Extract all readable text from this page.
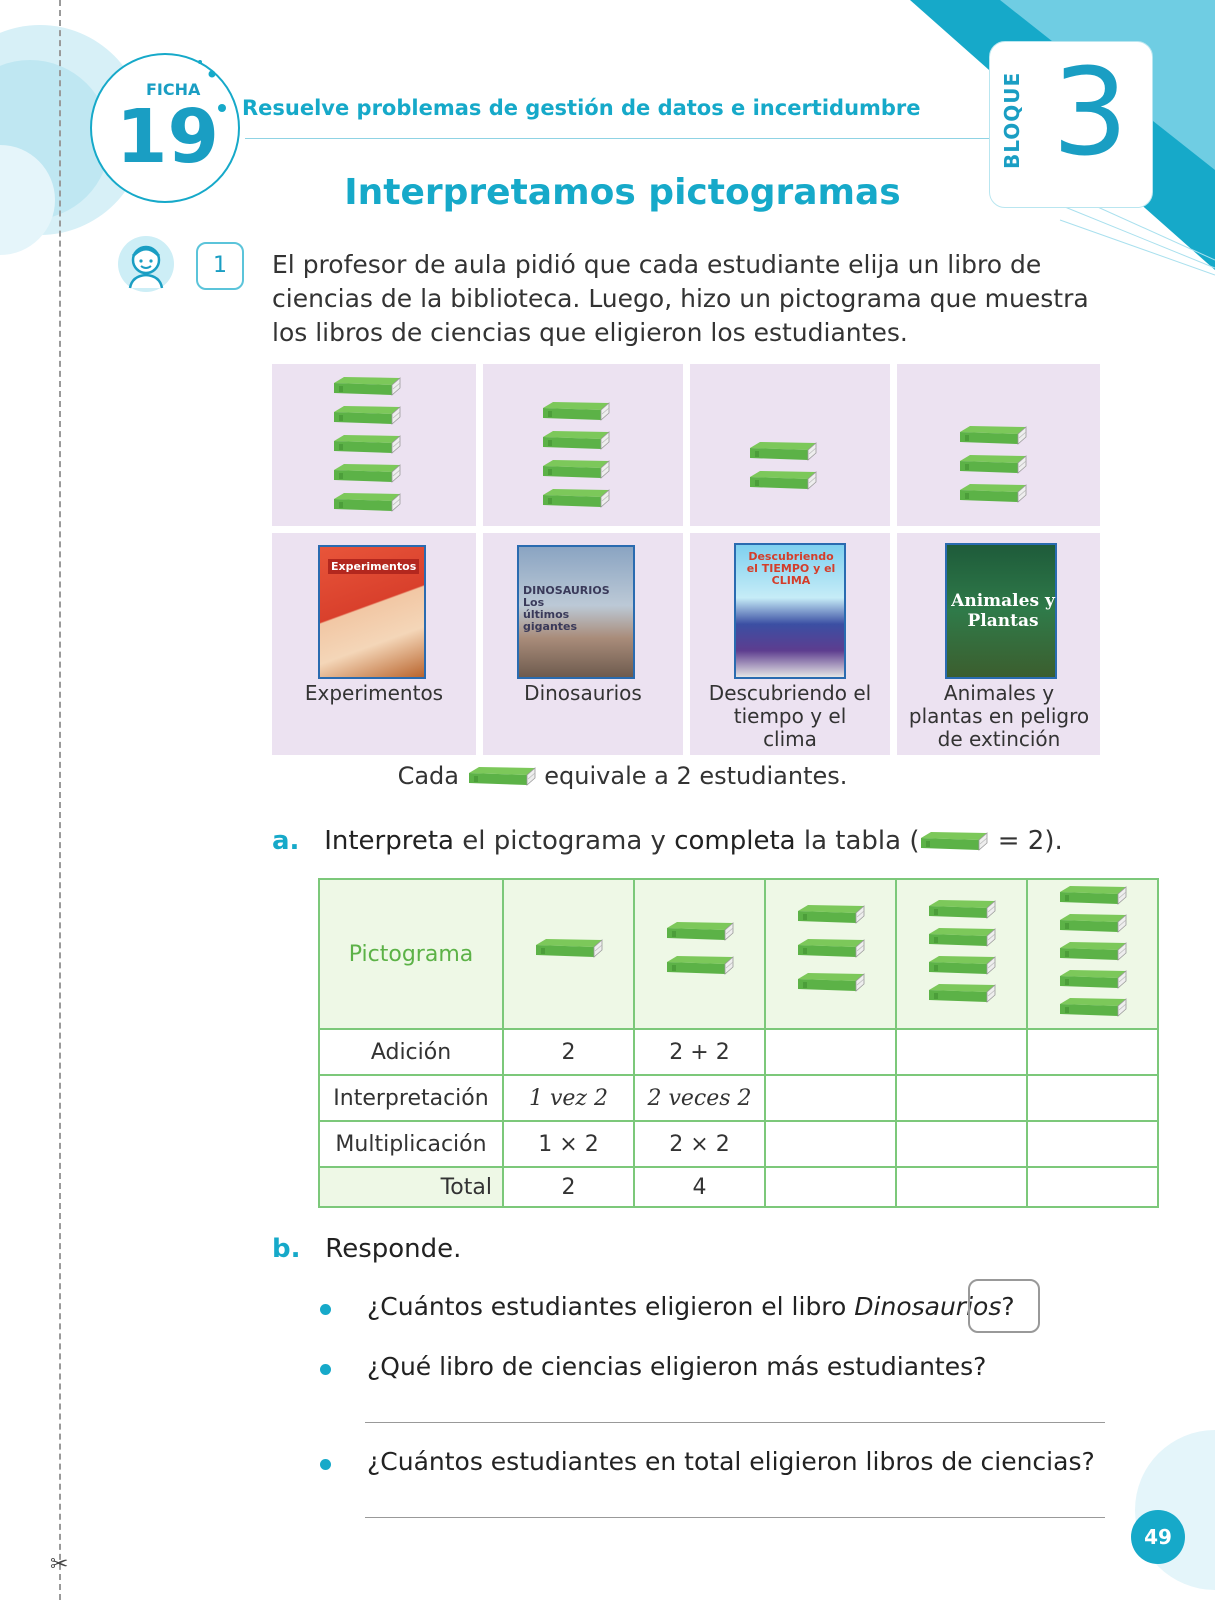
✂
FICHA
19 Resuelve problemas de gestión de datos e incertidumbre	BLOQUE 3
Interpretamos pictogramas
1	El profesor de aula pidió que cada estudiante elija un libro de ciencias de la biblioteca. Luego, hizo un pictograma que muestra los libros de ciencias que eligieron los estudiantes.
Experimentos
DINOSAURIOS Los últimos gigantes
Descubriendo el TIEMPO y el CLIMA
Animales y Plantas
Experimentos	Dinosaurios	Descubriendo el tiempo y el clima
Animales y plantas en peligro de extinción
Cada	equivale a 2 estudiantes.
a. Interpreta el pictograma y completa la tabla (	= 2).
Pictograma	

Adición	2	2 + 2			
Interpretación	1 vez 2	2 veces 2			
Multiplicación	1 × 2	2 × 2			
Total	2	4			
b. Responde.
¿Cuántos estudiantes eligieron el libro Dinosaurios?
¿Qué libro de ciencias eligieron más estudiantes?
¿Cuántos estudiantes en total eligieron libros de ciencias?
49
